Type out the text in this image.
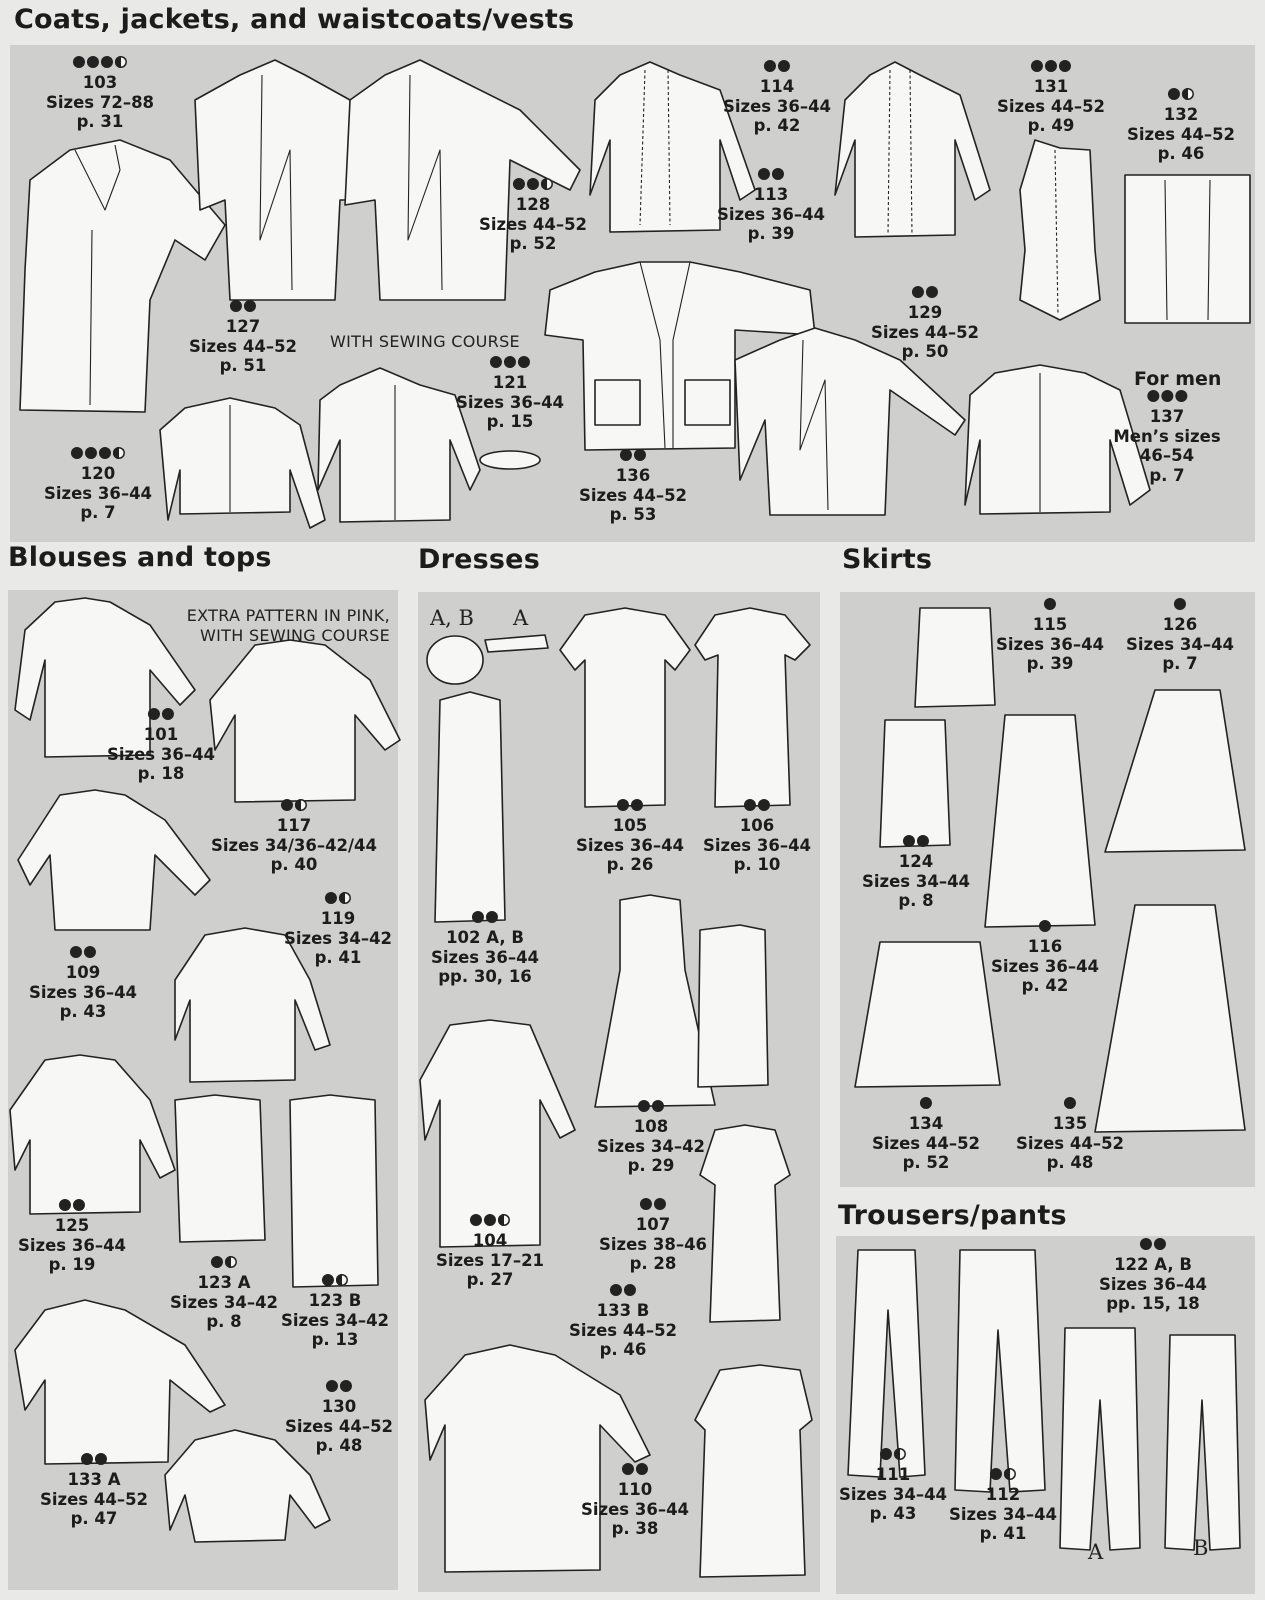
Coats, jackets, and waistcoats/vests
Blouses and tops	Dresses	Skirts
Trousers/pants
WITH SEWING COURSE
For men
EXTRA PATTERN IN PINK,
WITH SEWING COURSE
A, B A
A	B
103
Sizes 72–88
p. 31
128
Sizes 44–52
p. 52
127
Sizes 44–52
p. 51
114
Sizes 36–44
p. 42
113
Sizes 36–44
p. 39
131
Sizes 44–52
p. 49
132
Sizes 44–52
p. 46
121
Sizes 36–44
p. 15
129
Sizes 44–52
p. 50
120
Sizes 36–44
p. 7
136
Sizes 44–52
p. 53
137
Men’s sizes
46–54
p. 7
101
Sizes 36–44
p. 18
117
Sizes 34/36–42/44
p. 40
119
Sizes 34–42
p. 41
109
Sizes 36–44
p. 43
125
Sizes 36–44
p. 19
123 A
Sizes 34–42
p. 8
123 B
Sizes 34–42
p. 13
130
Sizes 44–52
p. 48
133 A
Sizes 44–52
p. 47
105
Sizes 36–44
p. 26
106
Sizes 36–44
p. 10
102 A, B
Sizes 36–44
pp. 30, 16
108
Sizes 34–42
p. 29
107
Sizes 38–46
p. 28
104
Sizes 17–21
p. 27
133 B
Sizes 44–52
p. 46
110
Sizes 36–44
p. 38
115
Sizes 36–44
p. 39
126
Sizes 34–44
p. 7
124
Sizes 34–44
p. 8
116
Sizes 36–44
p. 42
134
Sizes 44–52
p. 52
135
Sizes 44–52
p. 48
122 A, B
Sizes 36–44
pp. 15, 18
111
Sizes 34–44
p. 43
112
Sizes 34–44
p. 41
